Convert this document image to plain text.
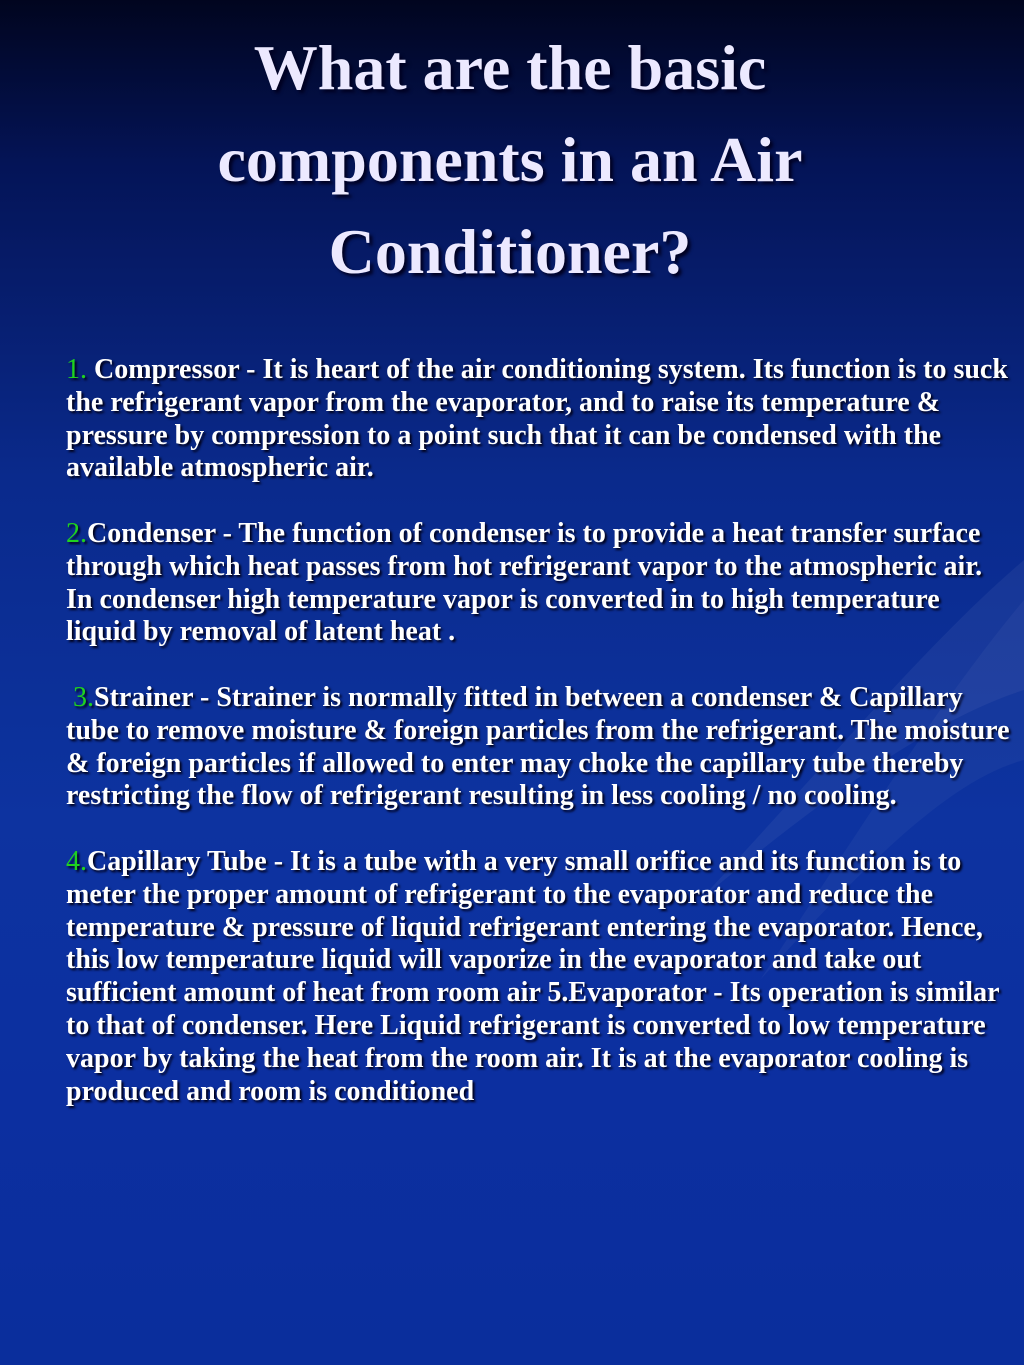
What are the basic components in an Air Conditioner?

1. Compressor - It is heart of the air conditioning system. Its function is to suck the refrigerant vapor from the evaporator, and to raise its temperature & pressure by compression to a point such that it can be condensed with the available atmospheric air.

2.Condenser - The function of condenser is to provide a heat transfer surface through which heat passes from hot refrigerant vapor to the atmospheric air. In condenser high temperature vapor is converted in to high temperature liquid by removal of latent heat .

3.Strainer - Strainer is normally fitted in between a condenser & Capillary tube to remove moisture & foreign particles from the refrigerant. The moisture & foreign particles if allowed to enter may choke the capillary tube thereby restricting the flow of refrigerant resulting in less cooling / no cooling.

4.Capillary Tube - It is a tube with a very small orifice and its function is to meter the proper amount of refrigerant to the evaporator and reduce the temperature & pressure of liquid refrigerant entering the evaporator. Hence, this low temperature liquid will vaporize in the evaporator and take out sufficient amount of heat from room air 5.Evaporator - Its operation is similar to that of condenser. Here Liquid refrigerant is converted to low temperature vapor by taking the heat from the room air. It is at the evaporator cooling is produced and room is conditioned
